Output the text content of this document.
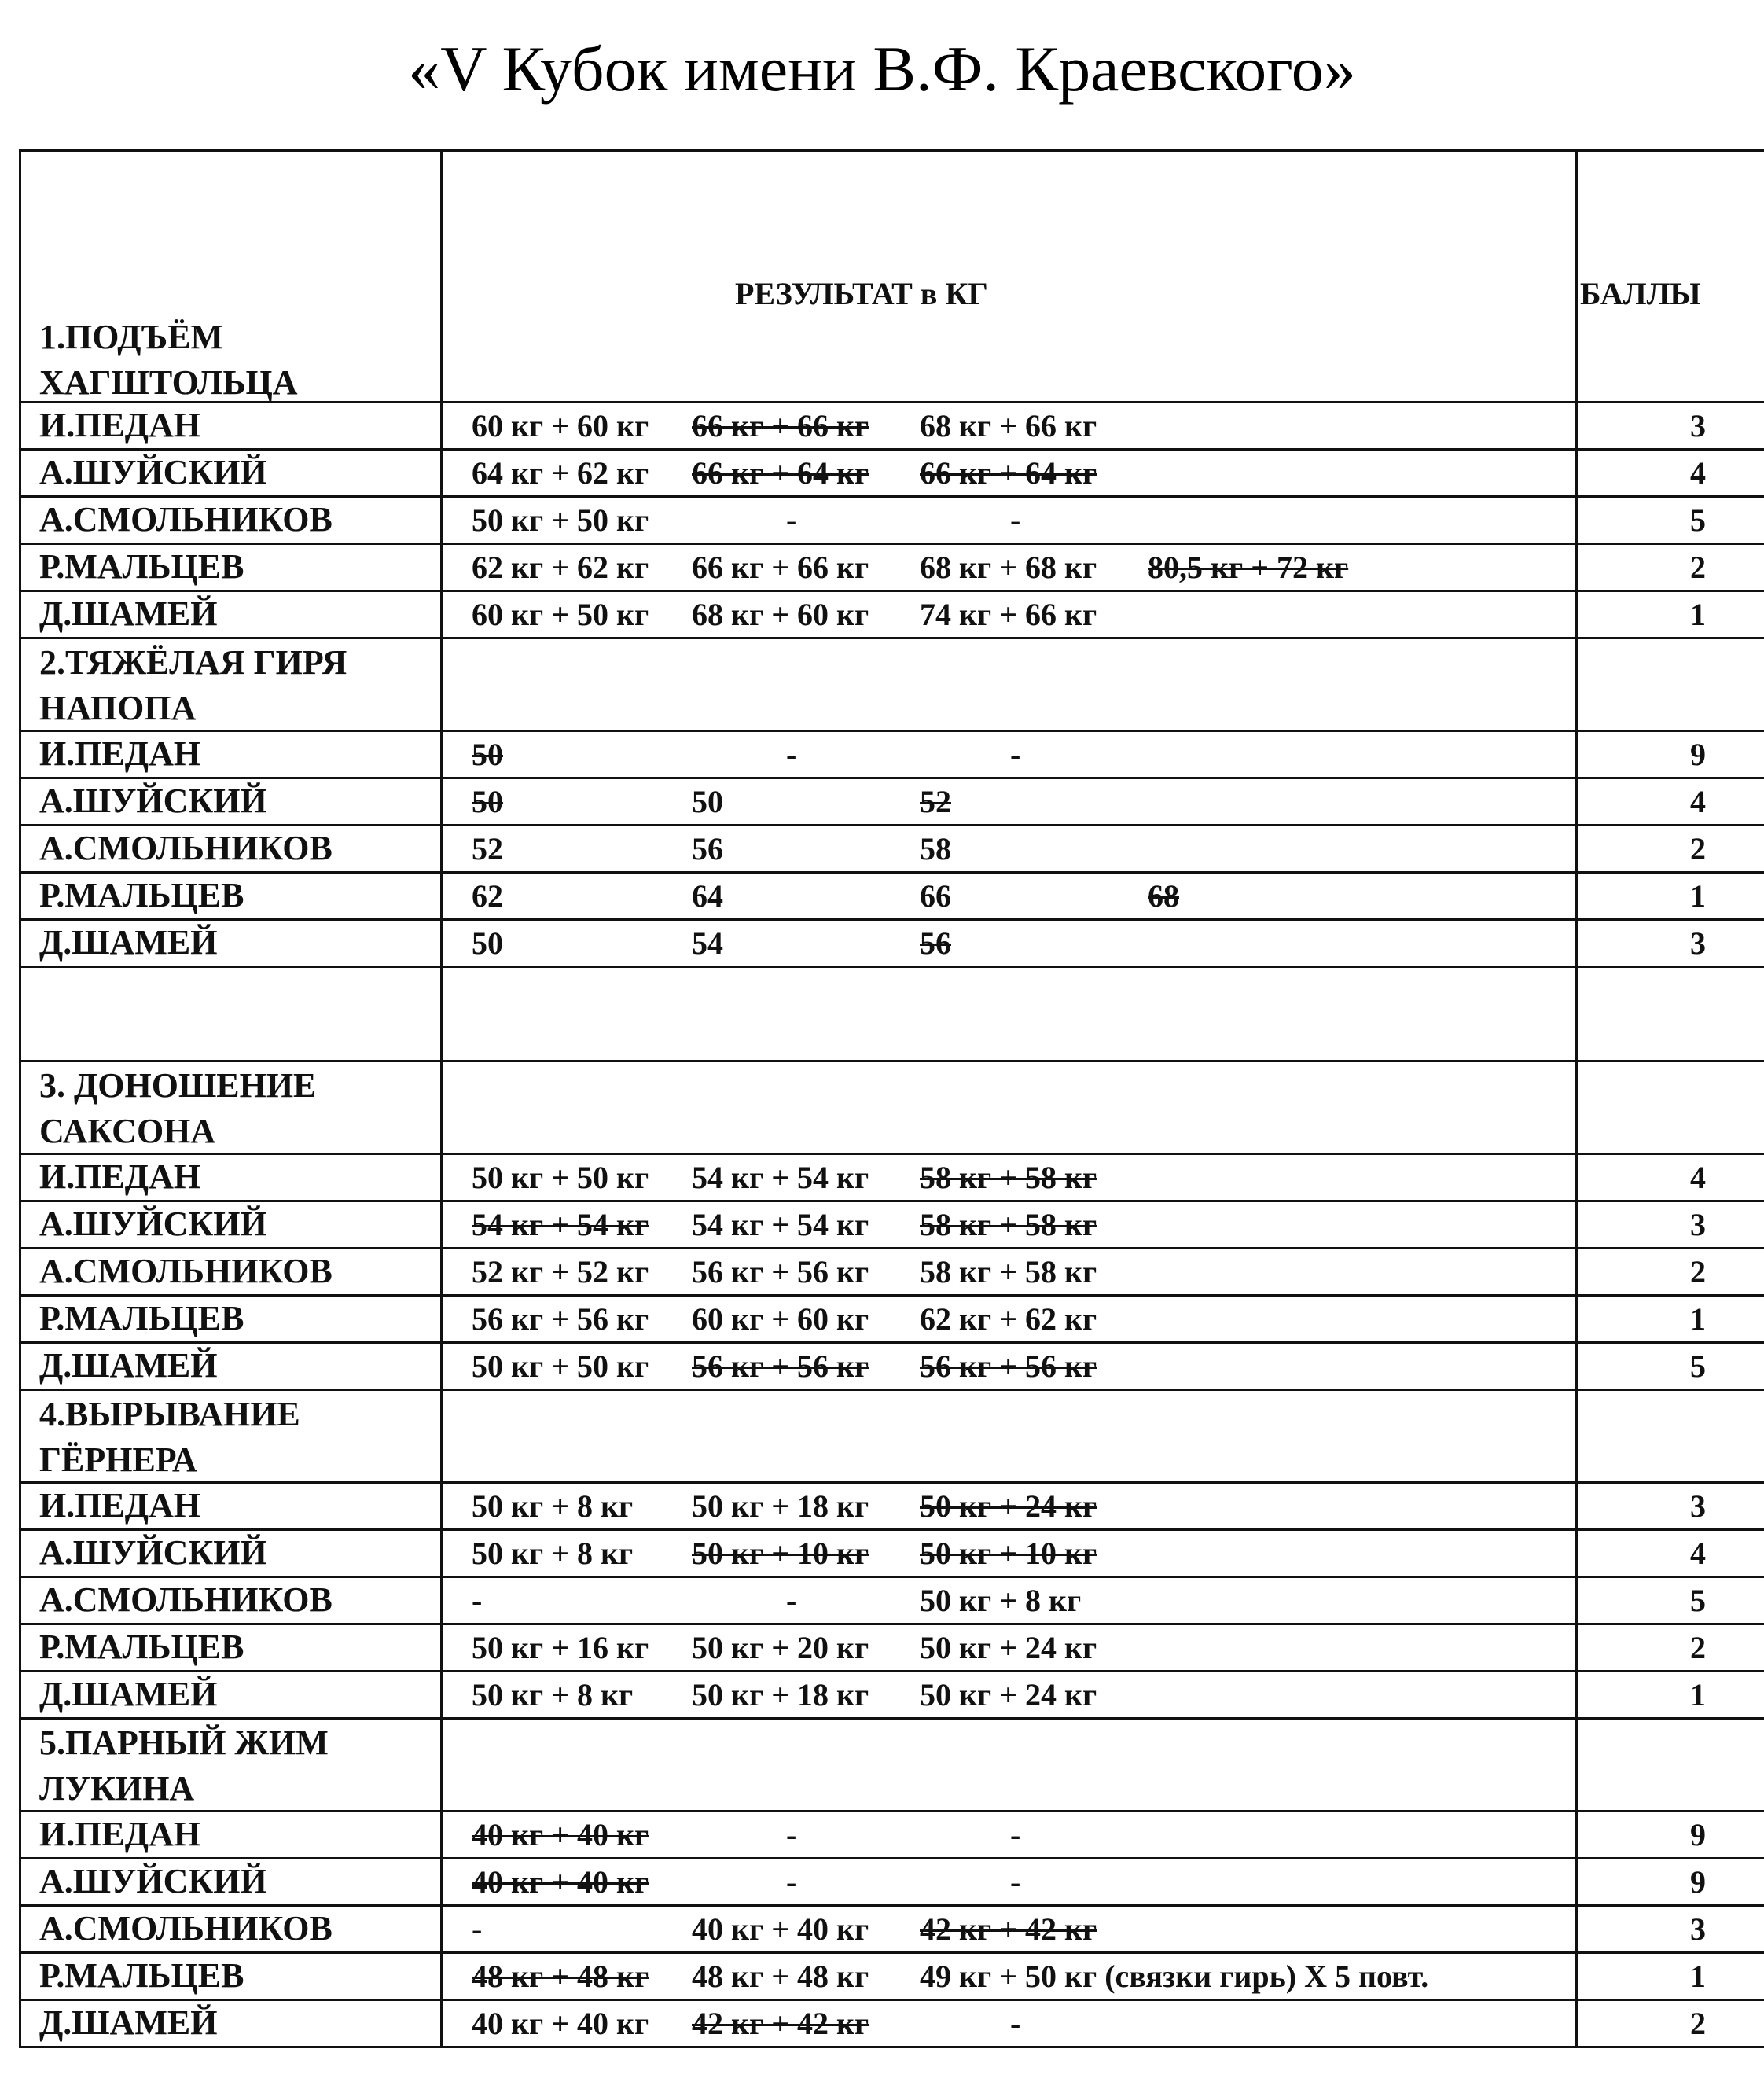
«V Кубок имени В.Ф. Краевского»
РЕЗУЛЬТАТ в КГ	БАЛЛЫ
1.ПОДЪЁМ ХАГШТОЛЬЦА
И.ПЕДАН	60 кг + 60 кг 66 кг + 66 кг 68 кг + 66 кг	3
А.ШУЙСКИЙ	64 кг + 62 кг 66 кг + 64 кг 66 кг + 64 кг	4
А.СМОЛЬНИКОВ	50 кг + 50 кг	-	-	5
Р.МАЛЬЦЕВ	62 кг + 62 кг 66 кг + 66 кг 68 кг + 68 кг 80,5 кг + 72 кг	2
Д.ШАМЕЙ	60 кг + 50 кг 68 кг + 60 кг 74 кг + 66 кг	1
2.ТЯЖЁЛАЯ ГИРЯ НАПОПА
И.ПЕДАН	50	-	-	9
А.ШУЙСКИЙ	50	50	52	4
А.СМОЛЬНИКОВ	52	56	58	2
Р.МАЛЬЦЕВ	62	64	66	68	1
Д.ШАМЕЙ	50	54	56	3
3. ДОНОШЕНИЕ САКСОНА
И.ПЕДАН	50 кг + 50 кг 54 кг + 54 кг 58 кг + 58 кг	4
А.ШУЙСКИЙ	54 кг + 54 кг 54 кг + 54 кг 58 кг + 58 кг	3
А.СМОЛЬНИКОВ	52 кг + 52 кг 56 кг + 56 кг 58 кг + 58 кг	2
Р.МАЛЬЦЕВ	56 кг + 56 кг 60 кг + 60 кг 62 кг + 62 кг	1
Д.ШАМЕЙ	50 кг + 50 кг 56 кг + 56 кг 56 кг + 56 кг	5
4.ВЫРЫВАНИЕ ГЁРНЕРА
И.ПЕДАН	50 кг + 8 кг 50 кг + 18 кг 50 кг + 24 кг	3
А.ШУЙСКИЙ	50 кг + 8 кг 50 кг + 10 кг 50 кг + 10 кг	4
А.СМОЛЬНИКОВ	-	-	50 кг + 8 кг	5
Р.МАЛЬЦЕВ	50 кг + 16 кг 50 кг + 20 кг 50 кг + 24 кг	2
Д.ШАМЕЙ	50 кг + 8 кг 50 кг + 18 кг 50 кг + 24 кг	1
5.ПАРНЫЙ ЖИМ ЛУКИНА
И.ПЕДАН	40 кг + 40 кг	-	-	9
А.ШУЙСКИЙ	40 кг + 40 кг	-	-	9
А.СМОЛЬНИКОВ	-	40 кг + 40 кг 42 кг + 42 кг	3
Р.МАЛЬЦЕВ	48 кг + 48 кг 48 кг + 48 кг 49 кг + 50 кг (связки гирь) Х 5 повт.	1
Д.ШАМЕЙ	40 кг + 40 кг 42 кг + 42 кг	-	2
